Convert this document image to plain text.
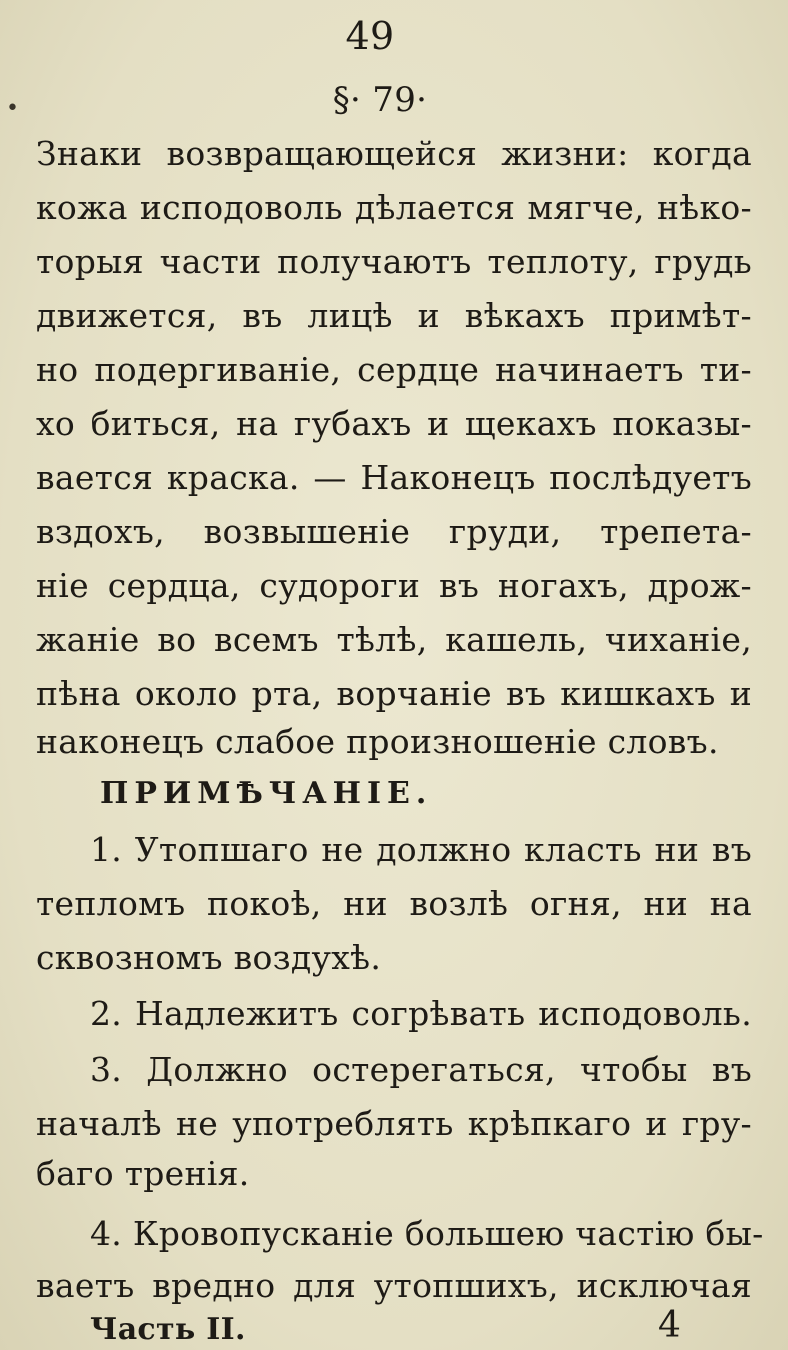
49
•	§· 79·
Знаки возвращающейся жизни: когда
кожа исподоволь дѣлается мягче, нѣко-
торыя части получаютъ теплоту, грудь
движется, въ лицѣ и вѣкахъ примѣт-
но подергиванiе, сердце начинаетъ ти-
хо биться, на губахъ и щекахъ показы-
вается краска. — Наконецъ послѣдуетъ
вздохъ, возвышенiе груди, трепета-
нiе сердца, судороги въ ногахъ, дрож-
жанiе во всемъ тѣлѣ, кашель, чиханiе,
пѣна около рта, ворчанiе въ кишкахъ и
наконецъ слабое произношенiе словъ.
ПРИМѢЧАНIЕ.
1. Утопшаго не должно класть ни въ
тепломъ покоѣ, ни возлѣ огня, ни на
сквозномъ воздухѣ.
2. Надлежитъ согрѣвать исподоволь.
3. Должно остерегаться, чтобы въ
началѣ не употреблять крѣпкаго и гру-
баго тренiя.
4. Кровопусканiе большею частiю бы-
ваетъ вредно для утопшихъ, исключая
Часть II.	4
